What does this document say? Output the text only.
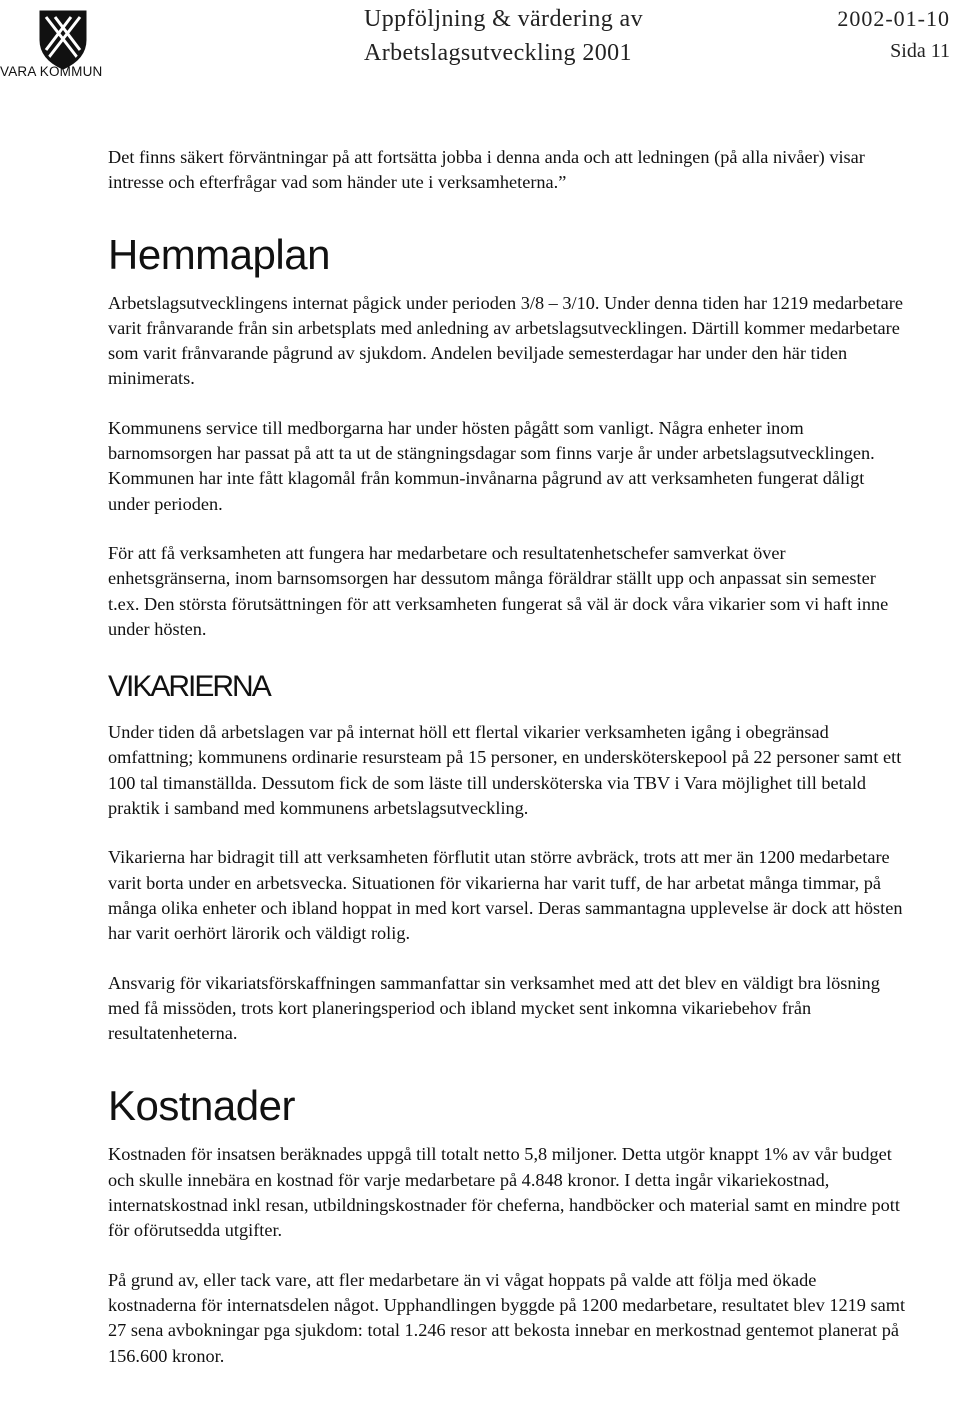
VARA KOMMUN
Uppföljning & värdering av
Arbetslagsutveckling 2001
2002-01-10
Sida 11

Det finns säkert förväntningar på att fortsätta jobba i denna anda och att ledningen (på alla nivåer) visar intresse och efterfrågar vad som händer ute i verksamheterna.”

Hemmaplan

Arbetslagsutvecklingens internat pågick under perioden 3/8 – 3/10. Under denna tiden har 1219 medarbetare varit frånvarande från sin arbetsplats med anledning av arbetslagsutvecklingen. Därtill kommer medarbetare som varit frånvarande pågrund av sjukdom. Andelen beviljade semesterdagar har under den här tiden minimerats.

Kommunens service till medborgarna har under hösten pågått som vanligt. Några enheter inom barnomsorgen har passat på att ta ut de stängningsdagar som finns varje år under arbetslagsutvecklingen. Kommunen har inte fått klagomål från kommun-invånarna pågrund av att verksamheten fungerat dåligt under perioden.

För att få verksamheten att fungera har medarbetare och resultatenhetschefer samverkat över enhetsgränserna, inom barnsomsorgen har dessutom många föräldrar ställt upp och anpassat sin semester t.ex. Den största förutsättningen för att verksamheten fungerat så väl är dock våra vikarier som vi haft inne under hösten.

VIKARIERNA

Under tiden då arbetslagen var på internat höll ett flertal vikarier verksamheten igång i obegränsad omfattning; kommunens ordinarie resursteam på 15 personer, en undersköterskepool på 22 personer samt ett 100 tal timanställda. Dessutom fick de som läste till undersköterska via TBV i Vara möjlighet till betald praktik i samband med kommunens arbetslagsutveckling.

Vikarierna har bidragit till att verksamheten förflutit utan större avbräck, trots att mer än 1200 medarbetare varit borta under en arbetsvecka. Situationen för vikarierna har varit tuff, de har arbetat många timmar, på många olika enheter och ibland hoppat in med kort varsel. Deras sammantagna upplevelse är dock att hösten har varit oerhört lärorik och väldigt rolig.

Ansvarig för vikariatsförskaffningen sammanfattar sin verksamhet med att det blev en väldigt bra lösning med få missöden, trots kort planeringsperiod och ibland mycket sent inkomna vikariebehov från resultatenheterna.

Kostnader

Kostnaden för insatsen beräknades uppgå till totalt netto 5,8 miljoner. Detta utgör knappt 1% av vår budget och skulle innebära en kostnad för varje medarbetare på 4.848 kronor. I detta ingår vikariekostnad, internatskostnad inkl resan, utbildningskostnader för cheferna, handböcker och material samt en mindre pott för oförutsedda utgifter.

På grund av, eller tack vare, att fler medarbetare än vi vågat hoppats på valde att följa med ökade kostnaderna för internatsdelen något. Upphandlingen byggde på 1200 medarbetare, resultatet blev 1219 samt 27 sena avbokningar pga sjukdom: total 1.246 resor att bekosta innebar en merkostnad gentemot planerat på 156.600 kronor.
